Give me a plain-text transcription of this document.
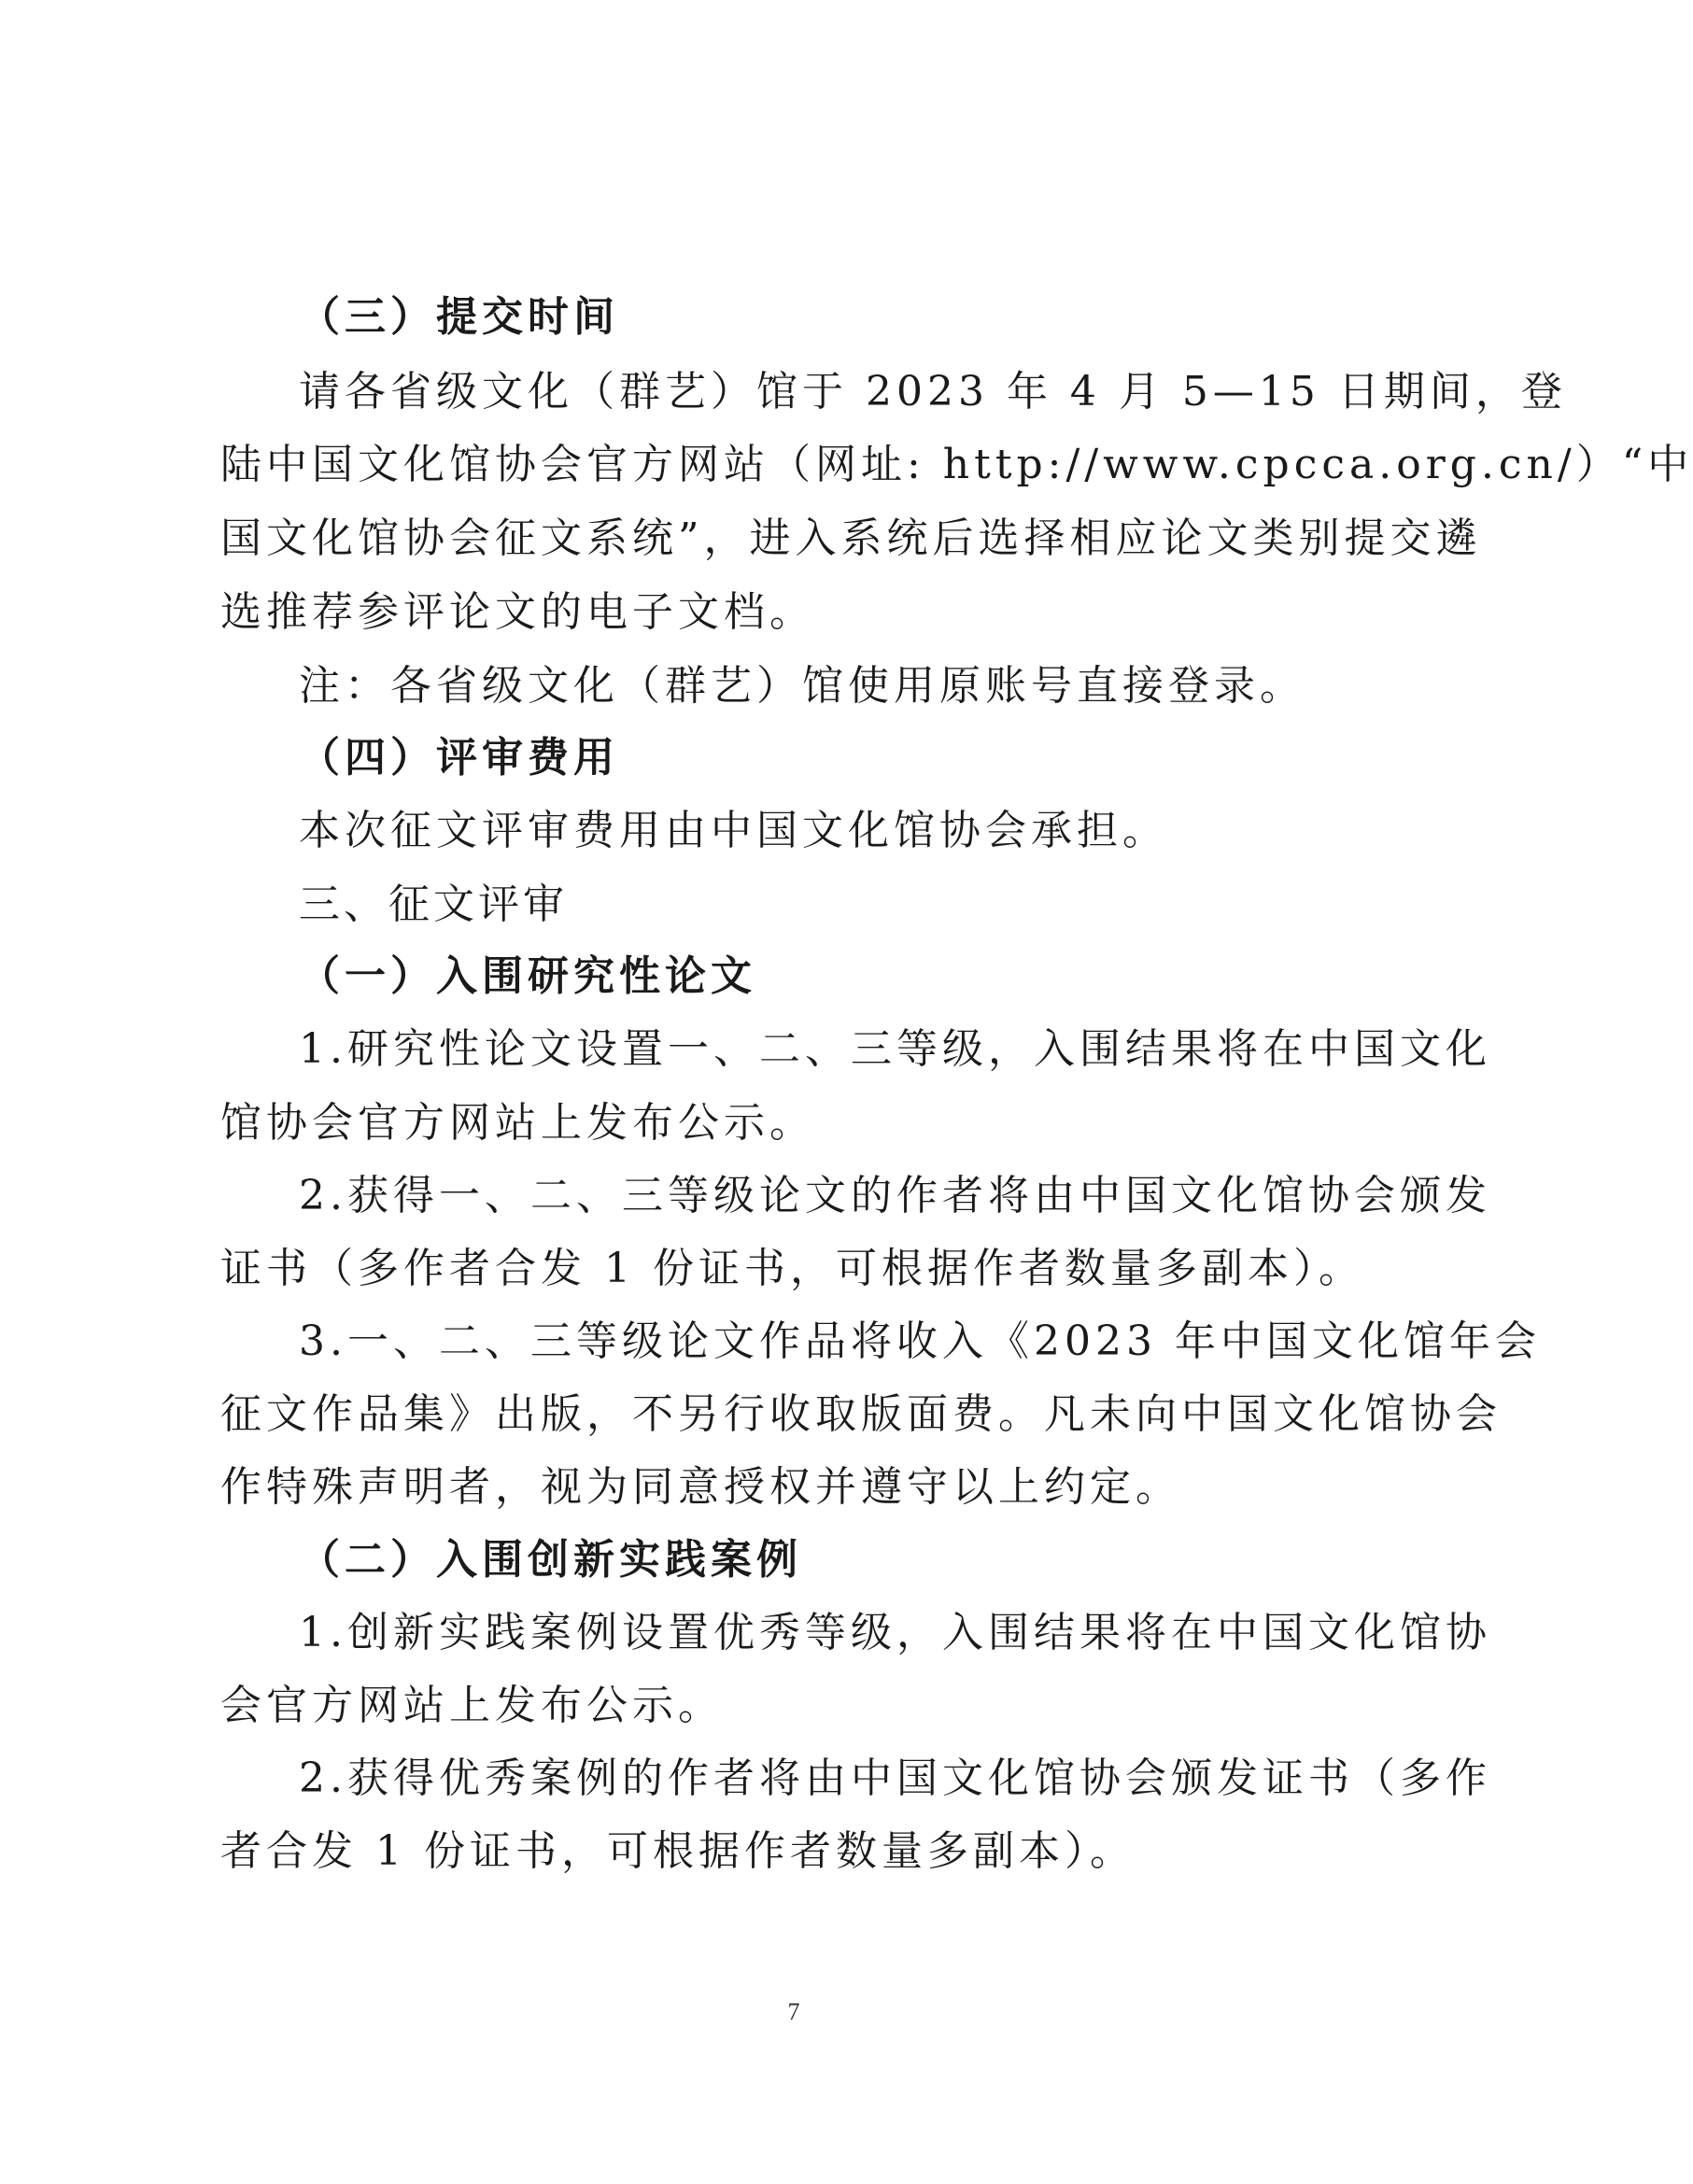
（三）提交时间
请各省级文化（群艺）馆于 2023 年 4 月 5—15 日期间，登
陆中国文化馆协会官方网站（网址: http://www.cpcca.org.cn/）“中
国文化馆协会征文系统”，进入系统后选择相应论文类别提交遴
选推荐参评论文的电子文档。
注：各省级文化（群艺）馆使用原账号直接登录。
（四）评审费用
本次征文评审费用由中国文化馆协会承担。
三、征文评审
（一）入围研究性论文
1.研究性论文设置一、二、三等级，入围结果将在中国文化
馆协会官方网站上发布公示。
2.获得一、二、三等级论文的作者将由中国文化馆协会颁发
证书（多作者合发 1 份证书，可根据作者数量多副本）。
3.一、二、三等级论文作品将收入《2023 年中国文化馆年会
征文作品集》出版，不另行收取版面费。凡未向中国文化馆协会
作特殊声明者，视为同意授权并遵守以上约定。
（二）入围创新实践案例
1.创新实践案例设置优秀等级，入围结果将在中国文化馆协
会官方网站上发布公示。
2.获得优秀案例的作者将由中国文化馆协会颁发证书（多作
者合发 1 份证书，可根据作者数量多副本）。
7
